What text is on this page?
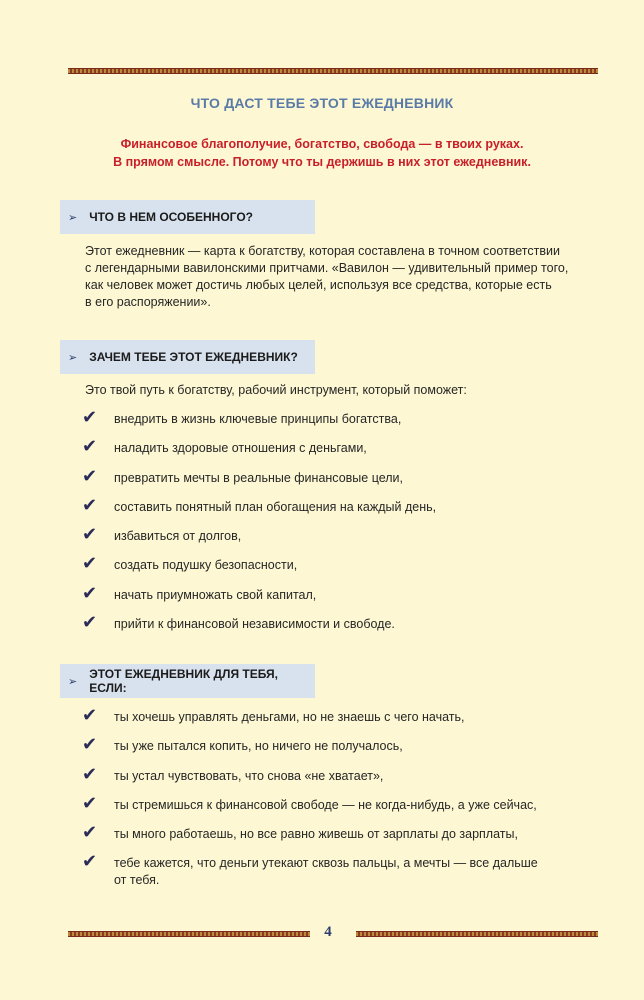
ЧТО ДАСТ ТЕБЕ ЭТОТ ЕЖЕДНЕВНИК
Финансовое благополучие, богатство, свобода — в твоих руках.
В прямом смысле. Потому что ты держишь в них этот ежедневник.
➢ ЧТО В НЕМ ОСОБЕННОГО?
Этот ежедневник — карта к богатству, которая составлена в точном соответствии
с легендарными вавилонскими притчами. «Вавилон — удивительный пример того,
как человек может достичь любых целей, используя все средства, которые есть
в его распоряжении».
➢ ЗАЧЕМ ТЕБЕ ЭТОТ ЕЖЕДНЕВНИК?
Это твой путь к богатству, рабочий инструмент, который поможет:
✔ внедрить в жизнь ключевые принципы богатства,
✔ наладить здоровые отношения с деньгами,
✔ превратить мечты в реальные финансовые цели,
✔ составить понятный план обогащения на каждый день,
✔ избавиться от долгов,
✔ создать подушку безопасности,
✔ начать приумножать свой капитал,
✔ прийти к финансовой независимости и свободе.
➢
ЭТОТ ЕЖЕДНЕВНИК ДЛЯ ТЕБЯ, ЕСЛИ:
✔ ты хочешь управлять деньгами, но не знаешь с чего начать,
✔ ты уже пытался копить, но ничего не получалось,
✔ ты устал чувствовать, что снова «не хватает»,
✔ ты стремишься к финансовой свободе — не когда-нибудь, а уже сейчас,
✔ ты много работаешь, но все равно живешь от зарплаты до зарплаты,
✔ тебе кажется, что деньги утекают сквозь пальцы, а мечты — все дальше
от тебя.
4
